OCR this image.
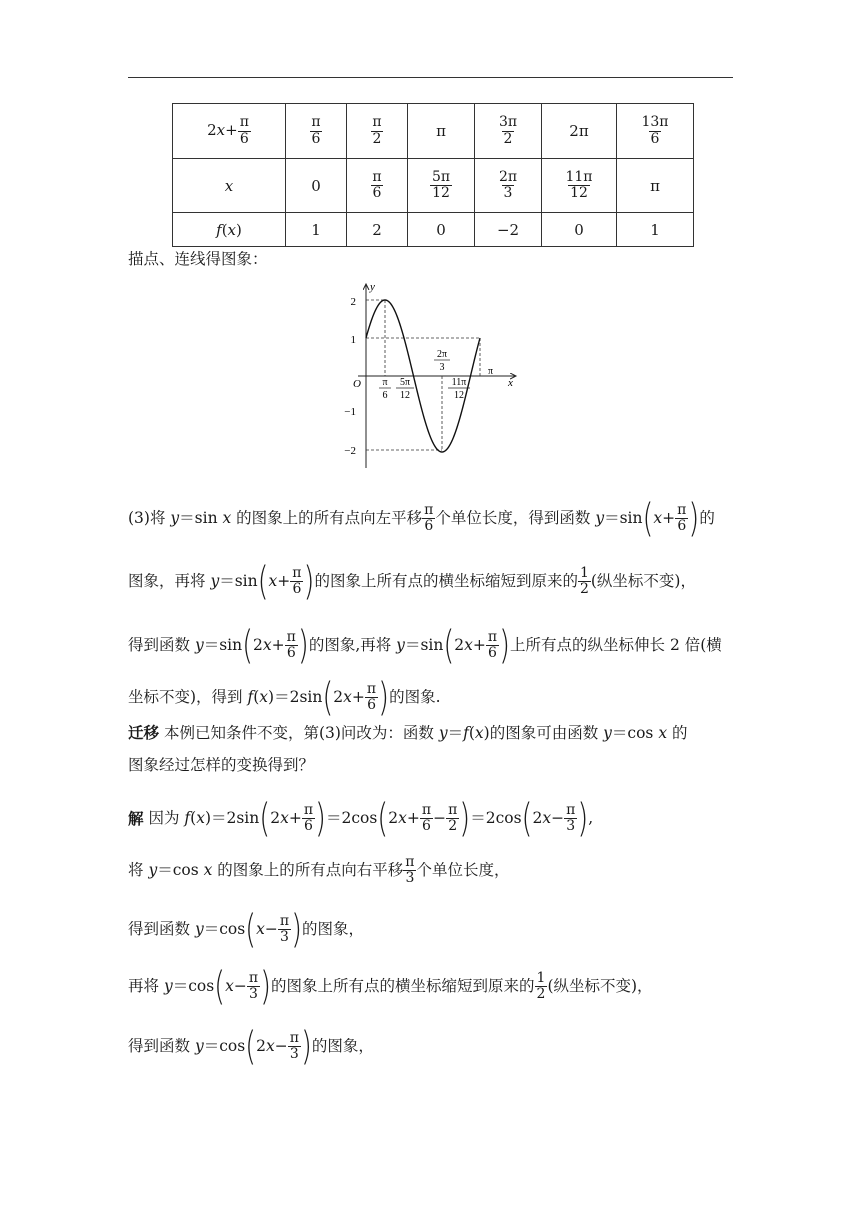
$2x+ \frac{\pi}{6}$	$\frac{\pi}{6}$	$\frac{\pi}{2}$	π	$\frac{3\pi}{2}$	2π	$\frac{13\pi}{6}$

x	0	$\frac{\pi}{6}$	$\frac{5\pi}{12}$	$\frac{2\pi}{3}$	$\frac{11\pi}{12}$	π
f(x)	1	2	0	−2	0	1
描点、连线得图象：
y
x
O
2
1
−1
−2
π
6
5π
12
2π
3
11π
12
π
(3)将 y＝sin x 的图象上的所有点向左平移 $\frac{\pi}{6}$ 个单位长度，得到函数 $y=\sin(x+ \frac{\pi}{6}$ )的
图象，再将 $y=\sin(x+ \frac{\pi}{6}$ )的图象上所有点的横坐标缩短到原来的 $\frac{1}{2}$ (纵坐标不变)，
得到函数 $y=\sin(2x+ \frac{\pi}{6}$ )的图象,再将 $y=\sin(2x+ \frac{\pi}{6}$ )上所有点的纵坐标伸长 2 倍(横
坐标不变)，得到 $f(x)=2\sin(2x+ \frac{\pi}{6}$ )的图象.
迁移 本例已知条件不变，第(3)问改为：函数 y＝f(x)的图象可由函数 y＝cos x 的
图象经过怎样的变换得到？
解 因为 $f(x)=2\sin(2x+ \frac{\pi}{6} )=2\cos(2x+ \frac{\pi}{6} - \frac{\pi}{2} )=2\cos(2x- \frac{\pi}{3}$ ),
将 y＝cos x 的图象上的所有点向右平移 $\frac{\pi}{3}$ 个单位长度，
得到函数 $y=\cos(x- \frac{\pi}{3}$ )的图象，
再将 $y=\cos(x- \frac{\pi}{3}$ )的图象上所有点的横坐标缩短到原来的 $\frac{1}{2}$ (纵坐标不变)，
得到函数 $y=\cos(2x- \frac{\pi}{3}$ )的图象，
